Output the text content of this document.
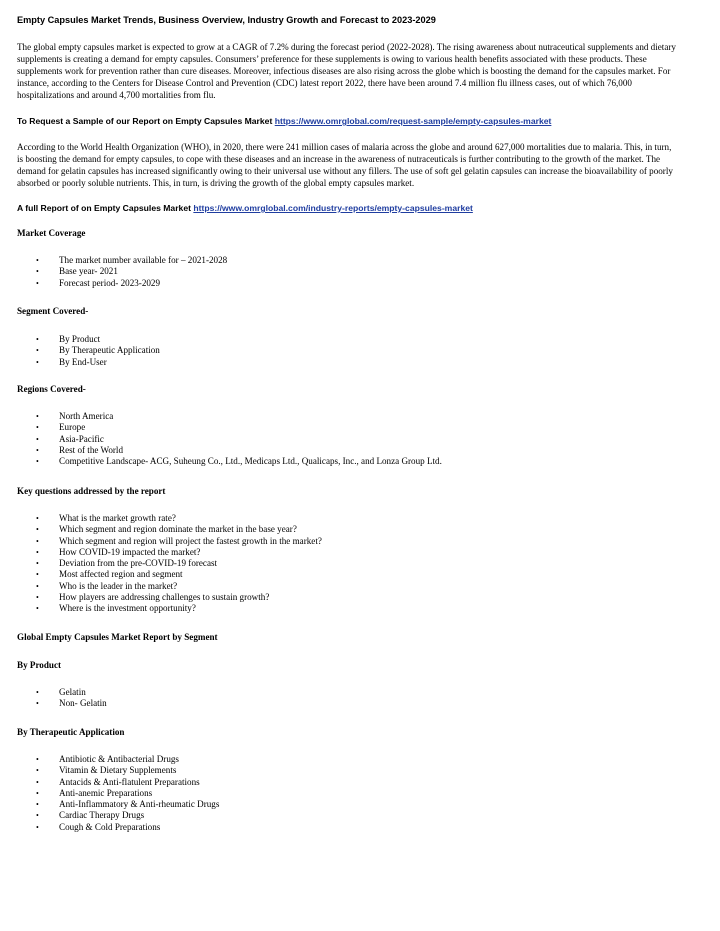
Empty Capsules Market Trends, Business Overview, Industry Growth and Forecast to 2023-2029
The global empty capsules market is expected to grow at a CAGR of 7.2% during the forecast period (2022-2028). The rising awareness about nutraceutical supplements and dietary
supplements is creating a demand for empty capsules. Consumers’ preference for these supplements is owing to various health benefits associated with these products. These
supplements work for prevention rather than cure diseases. Moreover, infectious diseases are also rising across the globe which is boosting the demand for the capsules market. For
instance, according to the Centers for Disease Control and Prevention (CDC) latest report 2022, there have been around 7.4 million flu illness cases, out of which 76,000
hospitalizations and around 4,700 mortalities from flu.
To Request a Sample of our Report on Empty Capsules Market https://www.omrglobal.com/request-sample/empty-capsules-market
According to the World Health Organization (WHO), in 2020, there were 241 million cases of malaria across the globe and around 627,000 mortalities due to malaria. This, in turn,
is boosting the demand for empty capsules, to cope with these diseases and an increase in the awareness of nutraceuticals is further contributing to the growth of the market. The
demand for gelatin capsules has increased significantly owing to their universal use without any fillers. The use of soft gel gelatin capsules can increase the bioavailability of poorly
absorbed or poorly soluble nutrients. This, in turn, is driving the growth of the global empty capsules market.
A full Report of on Empty Capsules Market https://www.omrglobal.com/industry-reports/empty-capsules-market
Market Coverage
• The market number available for – 2021-2028
• Base year- 2021
• Forecast period- 2023-2029
Segment Covered-
• By Product
• By Therapeutic Application
• By End-User
Regions Covered-
• North America
• Europe
• Asia-Pacific
• Rest of the World
• Competitive Landscape- ACG, Suheung Co., Ltd., Medicaps Ltd., Qualicaps, Inc., and Lonza Group Ltd.
Key questions addressed by the report
• What is the market growth rate?
• Which segment and region dominate the market in the base year?
• Which segment and region will project the fastest growth in the market?
• How COVID-19 impacted the market?
• Deviation from the pre-COVID-19 forecast
• Most affected region and segment
• Who is the leader in the market?
• How players are addressing challenges to sustain growth?
• Where is the investment opportunity?
Global Empty Capsules Market Report by Segment
By Product
• Gelatin
• Non- Gelatin
By Therapeutic Application
• Antibiotic & Antibacterial Drugs
• Vitamin & Dietary Supplements
• Antacids & Anti-flatulent Preparations
• Anti-anemic Preparations
• Anti-Inflammatory & Anti-rheumatic Drugs
• Cardiac Therapy Drugs
• Cough & Cold Preparations
